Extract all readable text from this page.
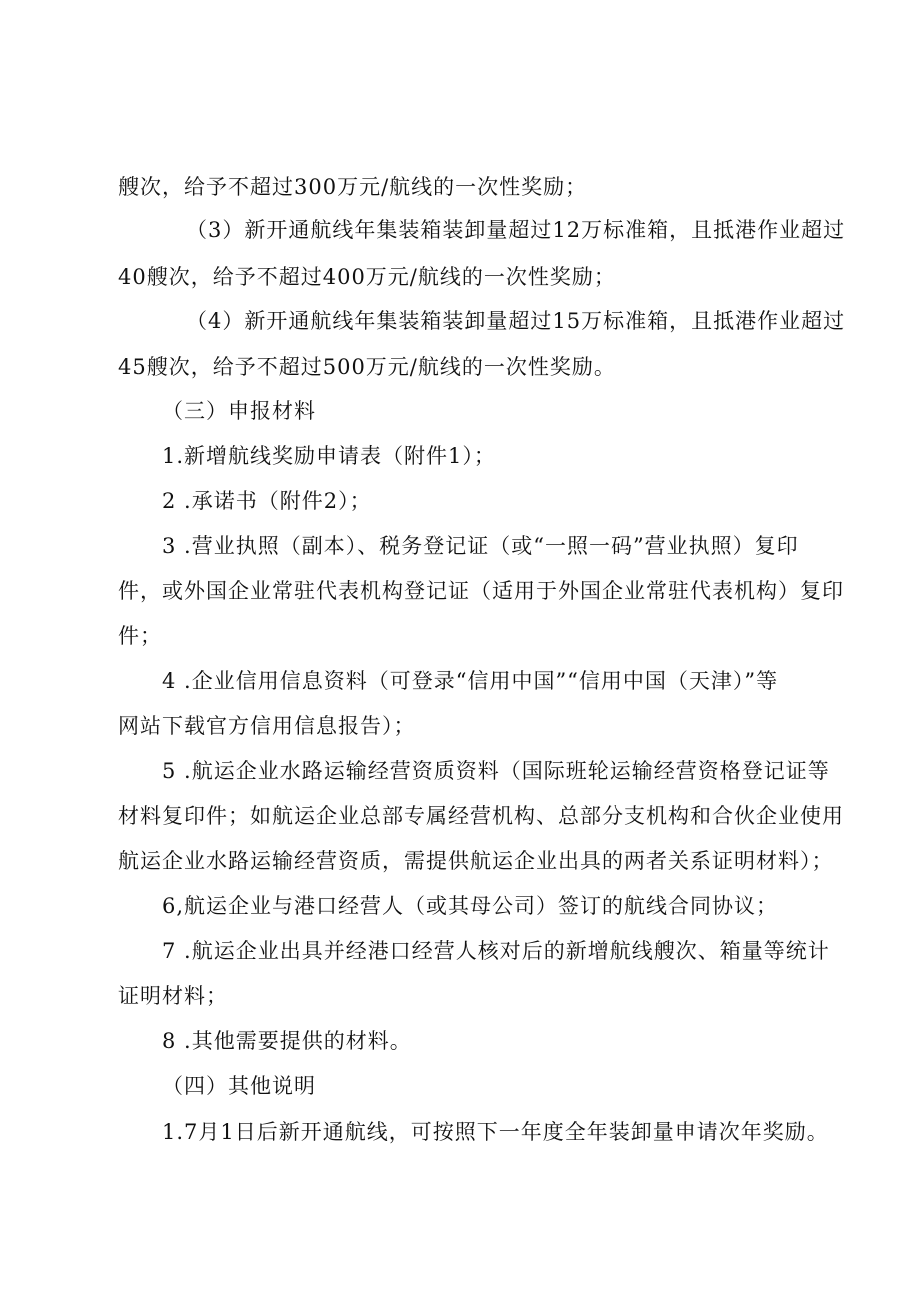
艘次，给予不超过300万元/航线的一次性奖励；
（3）新开通航线年集装箱装卸量超过12万标准箱，且抵港作业超过
40艘次，给予不超过400万元/航线的一次性奖励；
（4）新开通航线年集装箱装卸量超过15万标准箱，且抵港作业超过
45艘次，给予不超过500万元/航线的一次性奖励。
（三）申报材料
1.新增航线奖励申请表（附件1）；
2 .承诺书（附件2）；
3 .营业执照（副本）、税务登记证（或“一照一码”营业执照）复印
件，或外国企业常驻代表机构登记证（适用于外国企业常驻代表机构）复印
件；
4 .企业信用信息资料（可登录“信用中国”“信用中国（天津）”等
网站下载官方信用信息报告）；
5 .航运企业水路运输经营资质资料（国际班轮运输经营资格登记证等
材料复印件；如航运企业总部专属经营机构、总部分支机构和合伙企业使用
航运企业水路运输经营资质，需提供航运企业出具的两者关系证明材料）；
6,航运企业与港口经营人（或其母公司）签订的航线合同协议；
7 .航运企业出具并经港口经营人核对后的新增航线艘次、箱量等统计
证明材料；
8 .其他需要提供的材料。
（四）其他说明
1.7月1日后新开通航线，可按照下一年度全年装卸量申请次年奖励。
